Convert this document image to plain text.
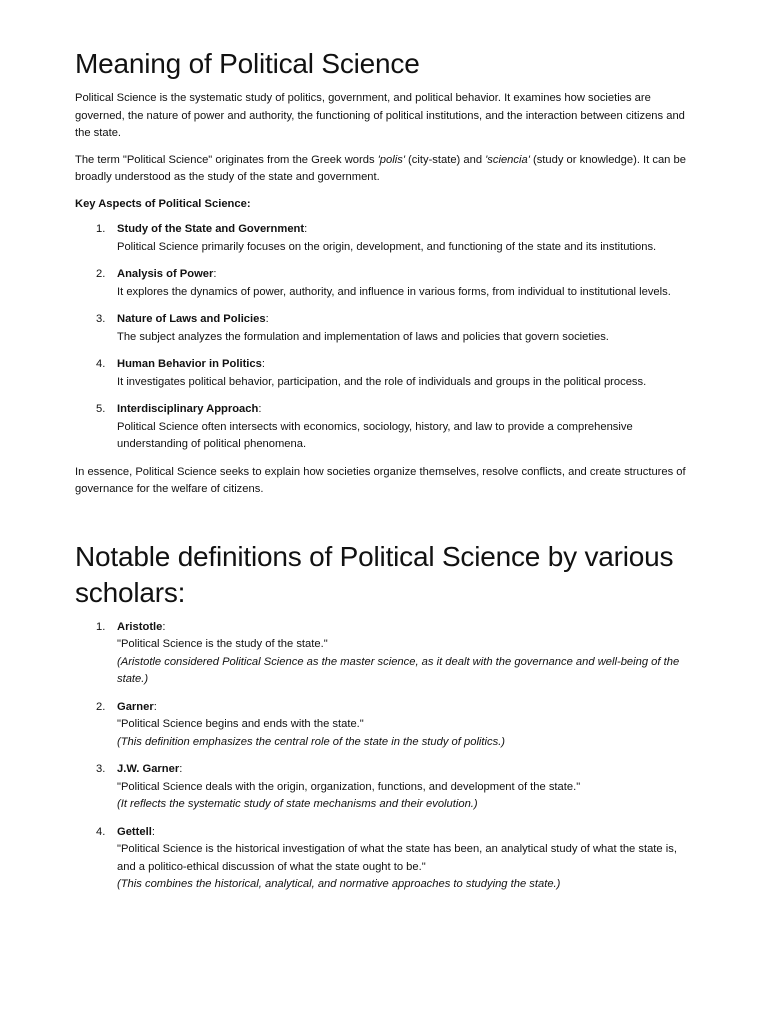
Meaning of Political Science

Political Science is the systematic study of politics, government, and political behavior. It examines how societies are governed, the nature of power and authority, the functioning of political institutions, and the interaction between citizens and the state.

The term "Political Science" originates from the Greek words 'polis' (city-state) and 'sciencia' (study or knowledge). It can be broadly understood as the study of the state and government.

Key Aspects of Political Science:

1. Study of the State and Government:
Political Science primarily focuses on the origin, development, and functioning of the state and its institutions.
2. Analysis of Power:
It explores the dynamics of power, authority, and influence in various forms, from individual to institutional levels.
3. Nature of Laws and Policies:
The subject analyzes the formulation and implementation of laws and policies that govern societies.
4. Human Behavior in Politics:
It investigates political behavior, participation, and the role of individuals and groups in the political process.
5. Interdisciplinary Approach:
Political Science often intersects with economics, sociology, history, and law to provide a comprehensive understanding of political phenomena.

In essence, Political Science seeks to explain how societies organize themselves, resolve conflicts, and create structures of governance for the welfare of citizens.

Notable definitions of Political Science by various scholars:
1. Aristotle:
"Political Science is the study of the state."
(Aristotle considered Political Science as the master science, as it dealt with the governance and well-being of the state.)
2. Garner:
"Political Science begins and ends with the state."
(This definition emphasizes the central role of the state in the study of politics.)
3. J.W. Garner:
"Political Science deals with the origin, organization, functions, and development of the state."
(It reflects the systematic study of state mechanisms and their evolution.)
4. Gettell:
"Political Science is the historical investigation of what the state has been, an analytical study of what the state is, and a politico-ethical discussion of what the state ought to be."
(This combines the historical, analytical, and normative approaches to studying the state.)
